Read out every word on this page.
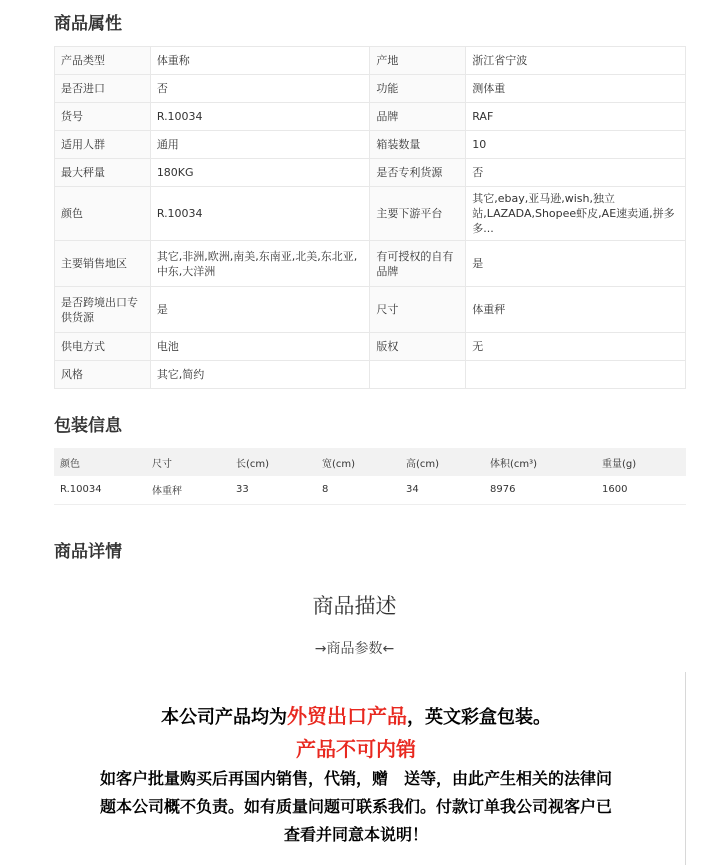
商品属性
产品类型	体重称	产地	浙江省宁波
是否进口	否	功能	测体重
货号	R.10034	品牌	RAF
适用人群	通用	箱装数量	10
最大秤量	180KG	是否专利货源	否
颜色	R.10034	主要下游平台	其它,ebay,亚马逊,wish,独立站,LAZADA,Shopee虾皮,AE速卖通,拼多多...
主要销售地区	其它,非洲,欧洲,南美,东南亚,北美,东北亚,中东,大洋洲	有可授权的自有品牌	是
是否跨境出口专供货源	是	尺寸	体重秤
供电方式	电池	版权	无
风格	其它,简约		
包装信息
颜色	尺寸	长(cm)	宽(cm)	高(cm)	体积(cm³)	重量(g)
R.10034	体重秤	33	8	34	8976	1600
商品详情
商品描述
→商品参数←
本公司产品均为外贸出口产品，英文彩盒包装。
产品不可内销
如客户批量购买后再国内销售，代销，赠　送等，由此产生相关的法律问
题本公司概不负责。如有质量问题可联系我们。付款订单我公司视客户已
查看并同意本说明！
